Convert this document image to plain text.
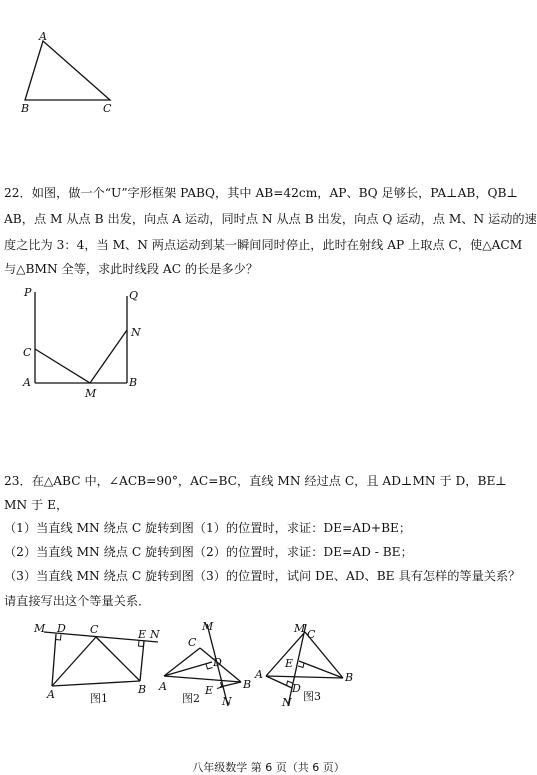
A
B	C
22．如图，做一个“U”字形框架 PABQ，其中 AB=42cm，AP、BQ 足够长，PA⊥AB，QB⊥
AB，点 M 从点 B 出发，向点 A 运动，同时点 N 从点 B 出发，向点 Q 运动，点 M、N 运动的速
度之比为 3：4，当 M、N 两点运动到某一瞬间同时停止，此时在射线 AP 上取点 C，使△ACM
与△BMN 全等，求此时线段 AC 的长是多少？
P	Q
N
C
A	B
M
23．在△ABC 中，∠ACB=90°，AC=BC，直线 MN 经过点 C，且 AD⊥MN 于 D，BE⊥
MN 于 E，
（1）当直线 MN 绕点 C 旋转到图（1）的位置时，求证：DE=AD+BE；
（2）当直线 MN 绕点 C 旋转到图（2）的位置时，求证：DE=AD - BE；
（3）当直线 MN 绕点 C 旋转到图（3）的位置时，试问 DE、AD、BE 具有怎样的等量关系？
请直接写出这个等量关系．
M D C	E N
A	B
图1
C
M
D
A	E	B
N
图2
M C
E
A	B
D
N 图3
八年级数学 第 6 页（共 6 页）
